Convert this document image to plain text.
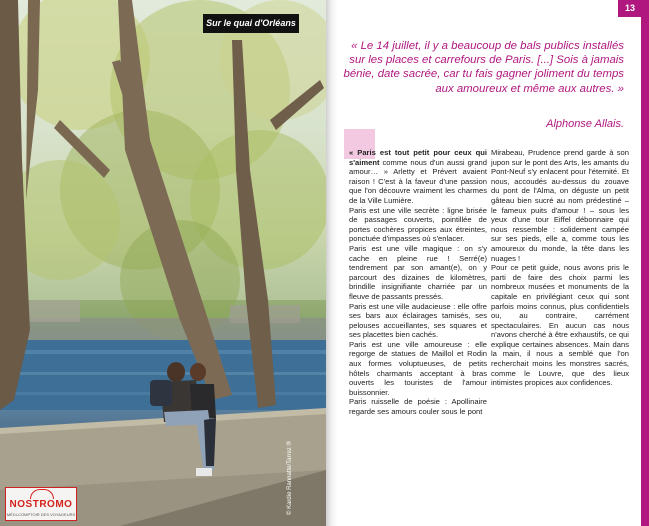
Sur le quai d'Orléans
NOSTROMO
MÉDI-COMPTOIR DES VOYAGEURS
13
« Le 14 juillet, il y a beaucoup de bals publics installés sur les places et carrefours de Paris. [...] Sois à jamais bénie, date sacrée, car tu fais gagner joliment du temps aux amoureux et même aux autres. »
Alphonse Allais.

« Paris est tout petit pour ceux qui s'aiment comme nous d'un aussi grand amour… » Arletty et Prévert avaient raison ! C'est à la faveur d'une passion que l'on découvre vraiment les charmes de la Ville Lumière.

Paris est une ville secrète : ligne brisée de passages couverts, pointillée de portes cochères propices aux étreintes, ponctuée d'impasses où s'enlacer.

Paris est une ville magique : on s'y cache en pleine rue ! Serré(e) tendrement par son amant(e), on y parcourt des dizaines de kilomètres, brindille insignifiante charriée par un fleuve de passants pressés.

Paris est une ville audacieuse : elle offre ses bars aux éclairages tamisés, ses pelouses accueillantes, ses squares et ses placettes bien cachés.

Paris est une ville amoureuse : elle regorge de statues de Maillol et Rodin aux formes voluptueuses, de petits hôtels charmants acceptant à bras ouverts les touristes de l'amour buissonnier.

Paris ruisselle de poésie : Apollinaire regarde ses amours couler sous le pont

Mirabeau, Prudence prend garde à son jupon sur le pont des Arts, les amants du Pont-Neuf s'y enlacent pour l'éternité. Et nous, accoudés au-dessus du zouave du pont de l'Alma, on déguste un petit gâteau bien sucré au nom prédestiné – le fameux puits d'amour ! – sous les yeux d'une tour Eiffel débonnaire qui nous ressemble : solidement campée sur ses pieds, elle a, comme tous les amoureux du monde, la tête dans les nuages !

Pour ce petit guide, nous avons pris le parti de faire des choix parmi les nombreux musées et monuments de la capitale en privilégiant ceux qui sont parfois moins connus, plus confidentiels ou, au contraire, carrément spectaculaires. En aucun cas nous n'avons cherché à être exhaustifs, ce qui explique certaines absences. Main dans la main, il nous a semblé que l'on recherchait moins les monstres sacrés, comme le Louvre, que des lieux intimistes propices aux confidences.
